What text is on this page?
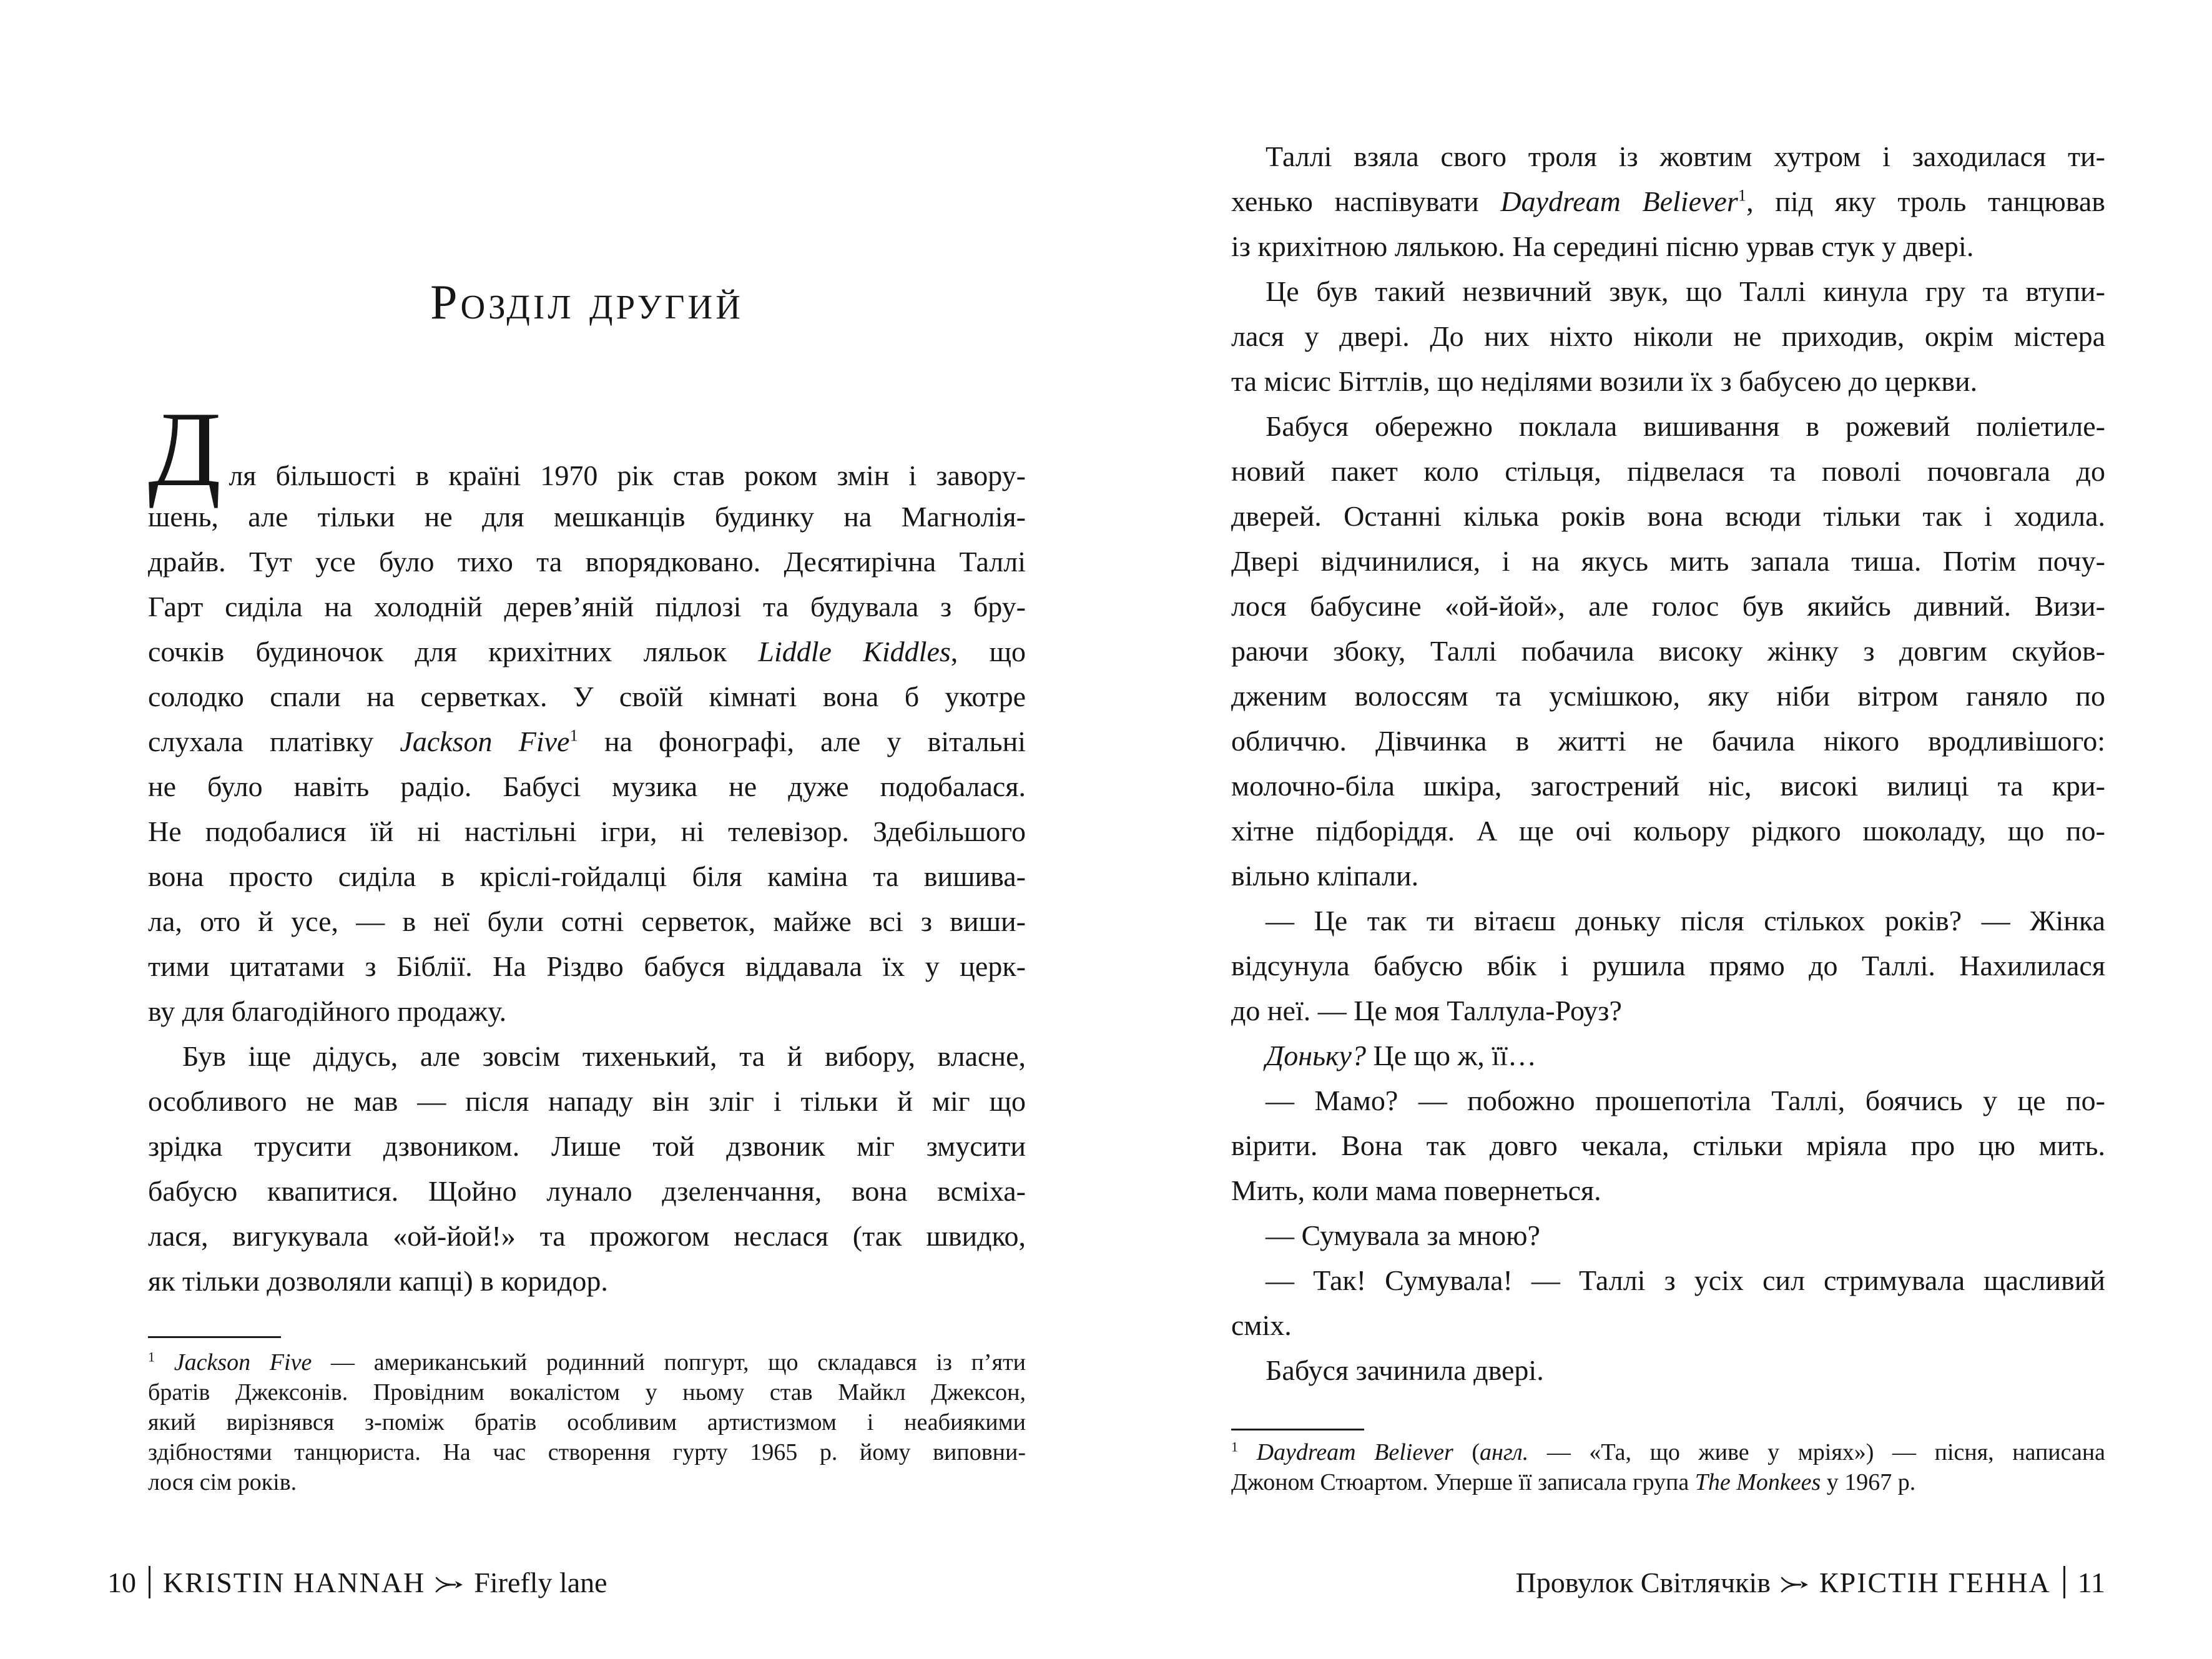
Розділ другий
Для більшості в країні 1970 рік став роком змін і завору-
шень, але тільки не для мешканців будинку на Магнолія-
драйв. Тут усе було тихо та впорядковано. Десятирічна Таллі
Гарт сиділа на холодній дерев’яній підлозі та будувала з бру-
сочків будиночок для крихітних ляльок Liddle Kiddles, що
солодко спали на серветках. У своїй кімнаті вона б укотре
слухала платівку Jackson Five$^1$ на фонографі, але у вітальні
не було навіть радіо. Бабусі музика не дуже подобалася.
Не подобалися їй ні настільні ігри, ні телевізор. Здебільшого
вона просто сиділа в кріслі-гойдалці біля каміна та вишива-
ла, ото й усе, — в неї були сотні серветок, майже всі з виши-
тими цитатами з Біблії. На Різдво бабуся віддавала їх у церк-
ву для благодійного продажу.
Був іще дідусь, але зовсім тихенький, та й вибору, власне,
особливого не мав — після нападу він зліг і тільки й міг що
зрідка трусити дзвоником. Лише той дзвоник міг змусити
бабусю квапитися. Щойно лунало дзеленчання, вона всміха-
лася, вигукувала «ой-йой!» та прожогом неслася (так швидко,
як тільки дозволяли капці) в коридор.
$^1$ Jackson Five — американський родинний попгурт, що складався із п’яти
братів Джексонів. Провідним вокалістом у ньому став Майкл Джексон,
який вирізнявся з-поміж братів особливим артистизмом і неабиякими
здібностями танцюриста. На час створення гурту 1965 р. йому виповни-
лося сім років.
10 KRISTIN HANNAH Firefly lane
Таллі взяла свого троля із жовтим хутром і заходилася ти-
хенько наспівувати Daydream Believer$^1$, під яку троль танцював
із крихітною лялькою. На середині пісню урвав стук у двері.
Це був такий незвичний звук, що Таллі кинула гру та втупи-
лася у двері. До них ніхто ніколи не приходив, окрім містера
та місис Біттлів, що неділями возили їх з бабусею до церкви.
Бабуся обережно поклала вишивання в рожевий поліетиле-
новий пакет коло стільця, підвелася та поволі почовгала до
дверей. Останні кілька років вона всюди тільки так і ходила.
Двері відчинилися, і на якусь мить запала тиша. Потім почу-
лося бабусине «ой-йой», але голос був якийсь дивний. Визи-
раючи збоку, Таллі побачила високу жінку з довгим скуйов-
дженим волоссям та усмішкою, яку ніби вітром ганяло по
обличчю. Дівчинка в житті не бачила нікого вродливішого:
молочно-біла шкіра, загострений ніс, високі вилиці та кри-
хітне підборіддя. А ще очі кольору рідкого шоколаду, що по-
вільно кліпали.
— Це так ти вітаєш доньку після стількох років? — Жінка
відсунула бабусю вбік і рушила прямо до Таллі. Нахилилася
до неї. — Це моя Таллула-Роуз?
Доньку? Це що ж, її…
— Мамо? — побожно прошепотіла Таллі, боячись у це по-
вірити. Вона так довго чекала, стільки мріяла про цю мить.
Мить, коли мама повернеться.
— Сумувала за мною?
— Так! Сумувала! — Таллі з усіх сил стримувала щасливий
сміх.
Бабуся зачинила двері.
$^1$ Daydream Believer (англ. — «Та, що живе у мріях») — пісня, написана
Джоном Стюартом. Уперше її записала група The Monkees у 1967 р.
Провулок Світлячків КРІСТІН ГЕННА 11
